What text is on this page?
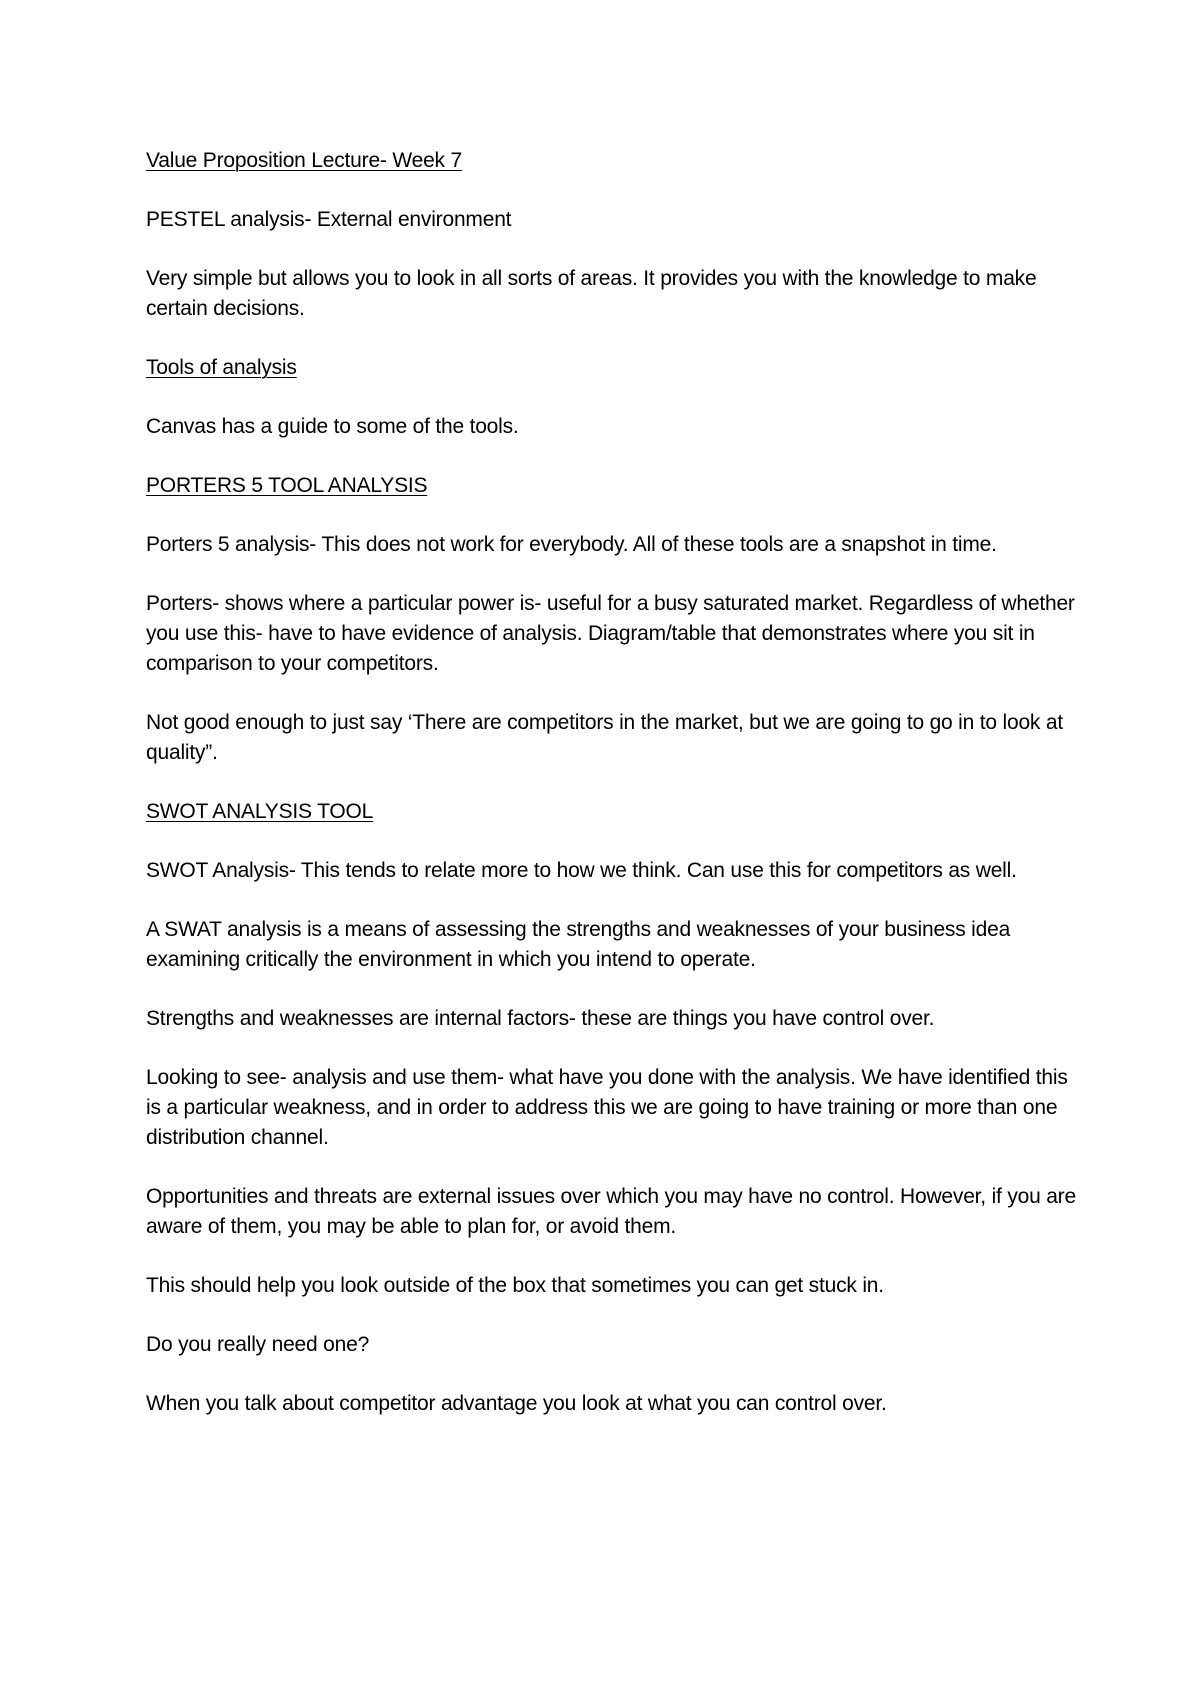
Value Proposition Lecture- Week 7

PESTEL analysis- External environment

Very simple but allows you to look in all sorts of areas. It provides you with the knowledge to make certain decisions.

Tools of analysis

Canvas has a guide to some of the tools.

PORTERS 5 TOOL ANALYSIS

Porters 5 analysis- This does not work for everybody. All of these tools are a snapshot in time.

Porters- shows where a particular power is- useful for a busy saturated market. Regardless of whether you use this- have to have evidence of analysis. Diagram/table that demonstrates where you sit in comparison to your competitors.

Not good enough to just say ‘There are competitors in the market, but we are going to go in to look at quality”.

SWOT ANALYSIS TOOL

SWOT Analysis- This tends to relate more to how we think. Can use this for competitors as well.

A SWAT analysis is a means of assessing the strengths and weaknesses of your business idea examining critically the environment in which you intend to operate.

Strengths and weaknesses are internal factors- these are things you have control over.

Looking to see- analysis and use them- what have you done with the analysis. We have identified this is a particular weakness, and in order to address this we are going to have training or more than one distribution channel.

Opportunities and threats are external issues over which you may have no control. However, if you are aware of them, you may be able to plan for, or avoid them.

This should help you look outside of the box that sometimes you can get stuck in.

Do you really need one?

When you talk about competitor advantage you look at what you can control over.
